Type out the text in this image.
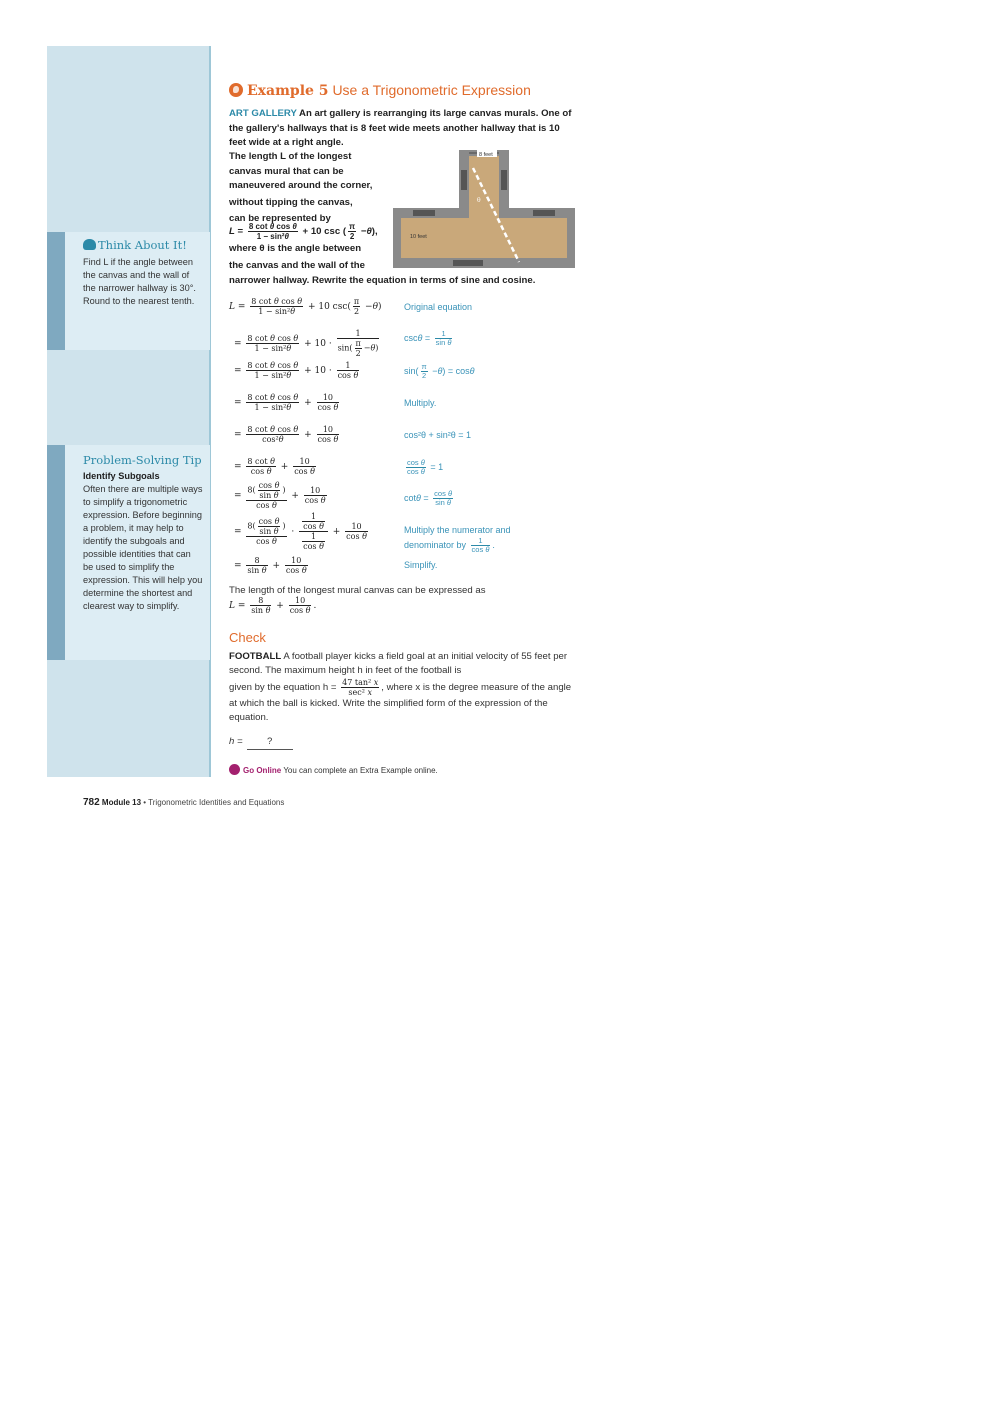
Think About It!
Find L if the angle between the canvas and the wall of the narrower hallway is 30°. Round to the nearest tenth.
Problem-Solving Tip
Identify Subgoals
Often there are multiple ways to simplify a trigonometric expression. Before beginning a problem, it may help to identify the subgoals and possible identities that can be used to simplify the expression. This will help you determine the shortest and clearest way to simplify.
Example 5 Use a Trigonometric Expression
ART GALLERY An art gallery is rearranging its large canvas murals. One of the gallery's hallways that is 8 feet wide meets another hallway that is 10 feet wide at a right angle.
The length L of the longest
canvas mural that can be
maneuvered around the corner,
without tipping the canvas,
can be represented by
$L = \frac{\text{8 cot θ cos θ}}{\text{1 − sin²θ}} + 10$ csc ( $\frac{\pi}{2} -\theta$),
where θ is the angle between
the canvas and the wall of the
narrower hallway. Rewrite the equation in terms of sine and cosine.
8 feet
10 feet
θ
$L = \frac{\text{8 cot θ cos θ}}{\text{1 − sin²θ}} + 10$ $\csc( \frac{\pi}{2} -\theta)$	Original equation
= $\frac{\text{8 cot θ cos θ}}{\text{1 − sin²θ}} + 10 \cdot \frac{1}{\sin( \frac{\pi}{2} -\theta)}$	$\csc\theta = \frac{1}{\text{sin θ}}$
= $\frac{\text{8 cot θ cos θ}}{\text{1 − sin²θ}} + 10 \cdot \frac{1}{\text{cos θ}}$	$\sin( \frac{\pi}{2} -\theta) = \cos\theta$
= $\frac{\text{8 cot θ cos θ}}{\text{1 − sin²θ}} + \frac{10}{\text{cos θ}}$	Multiply.
= $\frac{\text{8 cot θ cos θ}}{\text{cos²θ}} + \frac{10}{\text{cos θ}}$	cos²θ + sin²θ = 1
= $\frac{\text{8 cot θ}}{\text{cos θ}} + \frac{10}{\text{cos θ}}$	$\frac{\text{cos θ}}{\text{cos θ}} = 1$
= $\frac{8( \frac{\text{cos θ}}{\text{sin θ}} )}{\text{cos θ}} + \frac{10}{\text{cos θ}}$	$\cot\theta = \frac{\text{cos θ}}{\text{sin θ}}$
= $\frac{8( \frac{\text{cos θ}}{\text{sin θ}} )}{\text{cos θ}} \cdot \frac{\frac{1}{\text{cos θ}}}{\frac{1}{\text{cos θ}}} + \frac{10}{\text{cos θ}}$	Multiply the numerator and
denominator by $\frac{1}{\text{cos θ}}$ .
= $\frac{8}{\text{sin θ}} + \frac{10}{\text{cos θ}}$	Simplify.
The length of the longest mural canvas can be expressed as
$L = \frac{8}{\text{sin θ}} + \frac{10}{\text{cos θ}}$ .
Check
FOOTBALL A football player kicks a field goal at an initial velocity of 55 feet per second. The maximum height h in feet of the football is
given by the equation $h = \frac{\text{47 tan² x}}{\text{sec² x}}$ , where x is the degree measure of the angle at which the ball is kicked. Write the simplified form of the expression of the equation.
h =	?
Go Online You can complete an Extra Example online.
782 Module 13 • Trigonometric Identities and Equations
